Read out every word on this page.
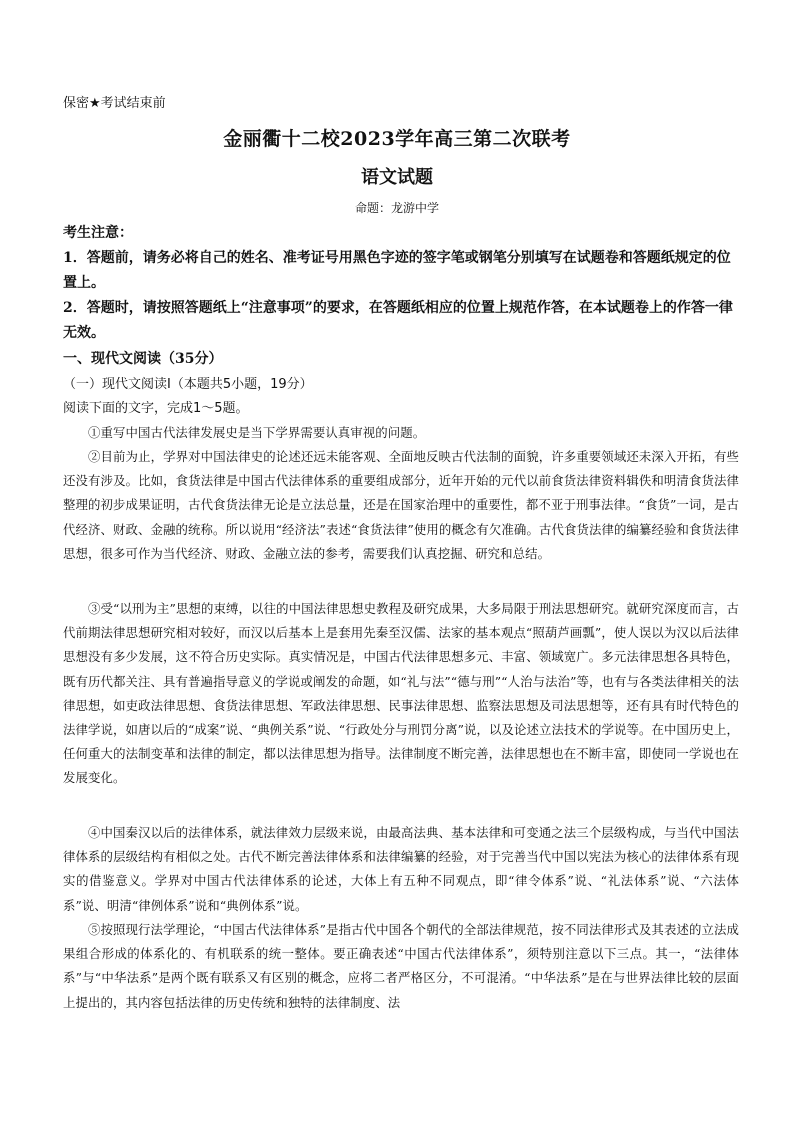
保密★考试结束前
金丽衢十二校2023学年高三第二次联考
语文试题
命题：龙游中学
考生注意：
1．答题前，请务必将自己的姓名、准考证号用黑色字迹的签字笔或钢笔分别填写在试题卷和答题纸规定的位置上。
2．答题时，请按照答题纸上“注意事项”的要求，在答题纸相应的位置上规范作答，在本试题卷上的作答一律无效。
一、现代文阅读（35分）
（一）现代文阅读Ⅰ（本题共5小题，19分）
阅读下面的文字，完成1～5题。
①重写中国古代法律发展史是当下学界需要认真审视的问题。
②目前为止，学界对中国法律史的论述还远未能客观、全面地反映古代法制的面貌，许多重要领域还未深入开拓，有些还没有涉及。比如，食货法律是中国古代法律体系的重要组成部分，近年开始的元代以前食货法律资料辑佚和明清食货法律整理的初步成果证明，古代食货法律无论是立法总量，还是在国家治理中的重要性，都不亚于刑事法律。“食货”一词，是古代经济、财政、金融的统称。所以说用“经济法”表述“食货法律”使用的概念有欠准确。古代食货法律的编纂经验和食货法律思想，很多可作为当代经济、财政、金融立法的参考，需要我们认真挖掘、研究和总结。
③受“以刑为主”思想的束缚，以往的中国法律思想史教程及研究成果，大多局限于刑法思想研究。就研究深度而言，古代前期法律思想研究相对较好，而汉以后基本上是套用先秦至汉儒、法家的基本观点“照葫芦画瓢”，使人误以为汉以后法律思想没有多少发展，这不符合历史实际。真实情况是，中国古代法律思想多元、丰富、领域宽广。多元法律思想各具特色，既有历代都关注、具有普遍指导意义的学说或阐发的命题，如“礼与法”“德与刑”“人治与法治”等，也有与各类法律相关的法律思想，如吏政法律思想、食货法律思想、军政法律思想、民事法律思想、监察法思想及司法思想等，还有具有时代特色的法律学说，如唐以后的“成案”说、“典例关系”说、“行政处分与刑罚分离”说，以及论述立法技术的学说等。在中国历史上，任何重大的法制变革和法律的制定，都以法律思想为指导。法律制度不断完善，法律思想也在不断丰富，即使同一学说也在发展变化。
④中国秦汉以后的法律体系，就法律效力层级来说，由最高法典、基本法律和可变通之法三个层级构成，与当代中国法律体系的层级结构有相似之处。古代不断完善法律体系和法律编纂的经验，对于完善当代中国以宪法为核心的法律体系有现实的借鉴意义。学界对中国古代法律体系的论述，大体上有五种不同观点，即“律令体系”说、“礼法体系”说、“六法体系”说、明清“律例体系”说和“典例体系”说。
⑤按照现行法学理论，“中国古代法律体系”是指古代中国各个朝代的全部法律规范，按不同法律形式及其表述的立法成果组合形成的体系化的、有机联系的统一整体。要正确表述“中国古代法律体系”，须特别注意以下三点。其一，“法律体系”与“中华法系”是两个既有联系又有区别的概念，应将二者严格区分，不可混淆。“中华法系”是在与世界法律比较的层面上提出的，其内容包括法律的历史传统和独特的法律制度、法
